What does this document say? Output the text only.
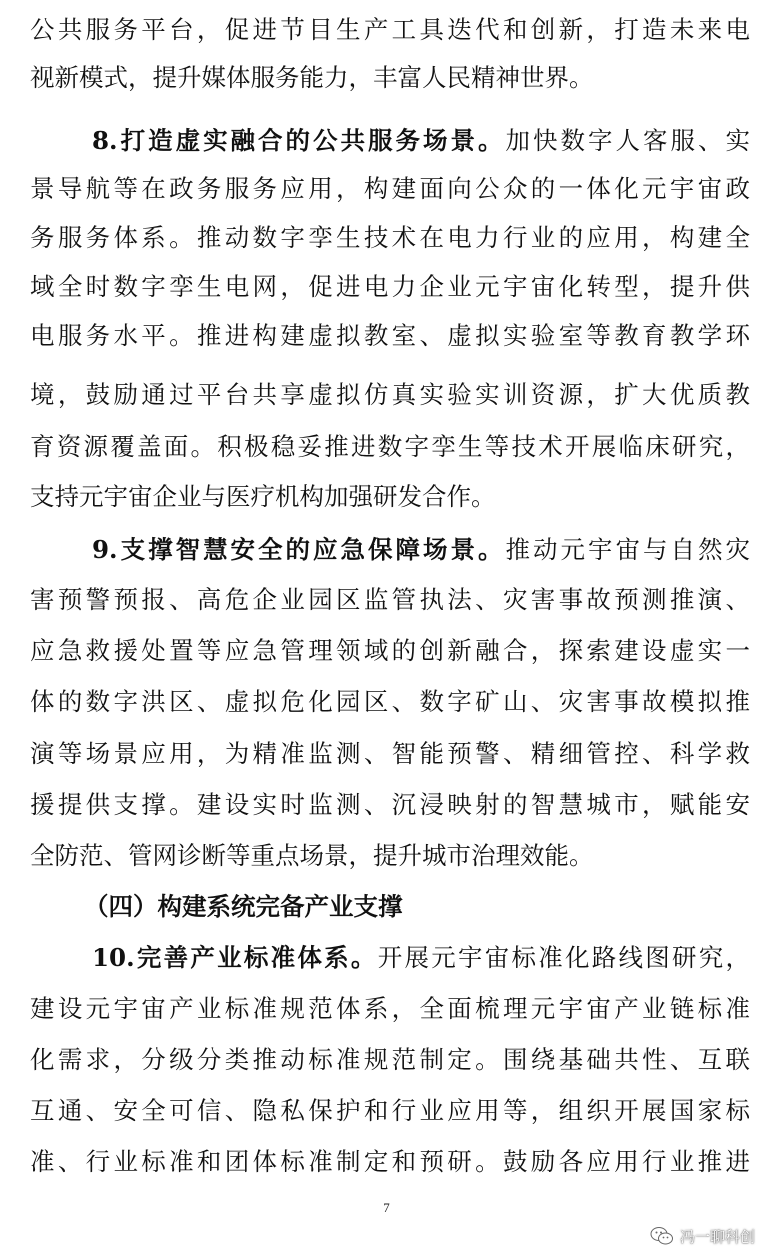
公共服务平台，促进节目生产工具迭代和创新，打造未来电
视新模式，提升媒体服务能力，丰富人民精神世界。
8.打造虚实融合的公共服务场景。加快数字人客服、实
景导航等在政务服务应用，构建面向公众的一体化元宇宙政
务服务体系。推动数字孪生技术在电力行业的应用，构建全
域全时数字孪生电网，促进电力企业元宇宙化转型，提升供
电服务水平。推进构建虚拟教室、虚拟实验室等教育教学环
境，鼓励通过平台共享虚拟仿真实验实训资源，扩大优质教
育资源覆盖面。积极稳妥推进数字孪生等技术开展临床研究，
支持元宇宙企业与医疗机构加强研发合作。
9.支撑智慧安全的应急保障场景。推动元宇宙与自然灾
害预警预报、高危企业园区监管执法、灾害事故预测推演、
应急救援处置等应急管理领域的创新融合，探索建设虚实一
体的数字洪区、虚拟危化园区、数字矿山、灾害事故模拟推
演等场景应用，为精准监测、智能预警、精细管控、科学救
援提供支撑。建设实时监测、沉浸映射的智慧城市，赋能安
全防范、管网诊断等重点场景，提升城市治理效能。
（四）构建系统完备产业支撑
10.完善产业标准体系。开展元宇宙标准化路线图研究，
建设元宇宙产业标准规范体系，全面梳理元宇宙产业链标准
化需求，分级分类推动标准规范制定。围绕基础共性、互联
互通、安全可信、隐私保护和行业应用等，组织开展国家标
准、行业标准和团体标准制定和预研。鼓励各应用行业推进
7
冯一聊科创
